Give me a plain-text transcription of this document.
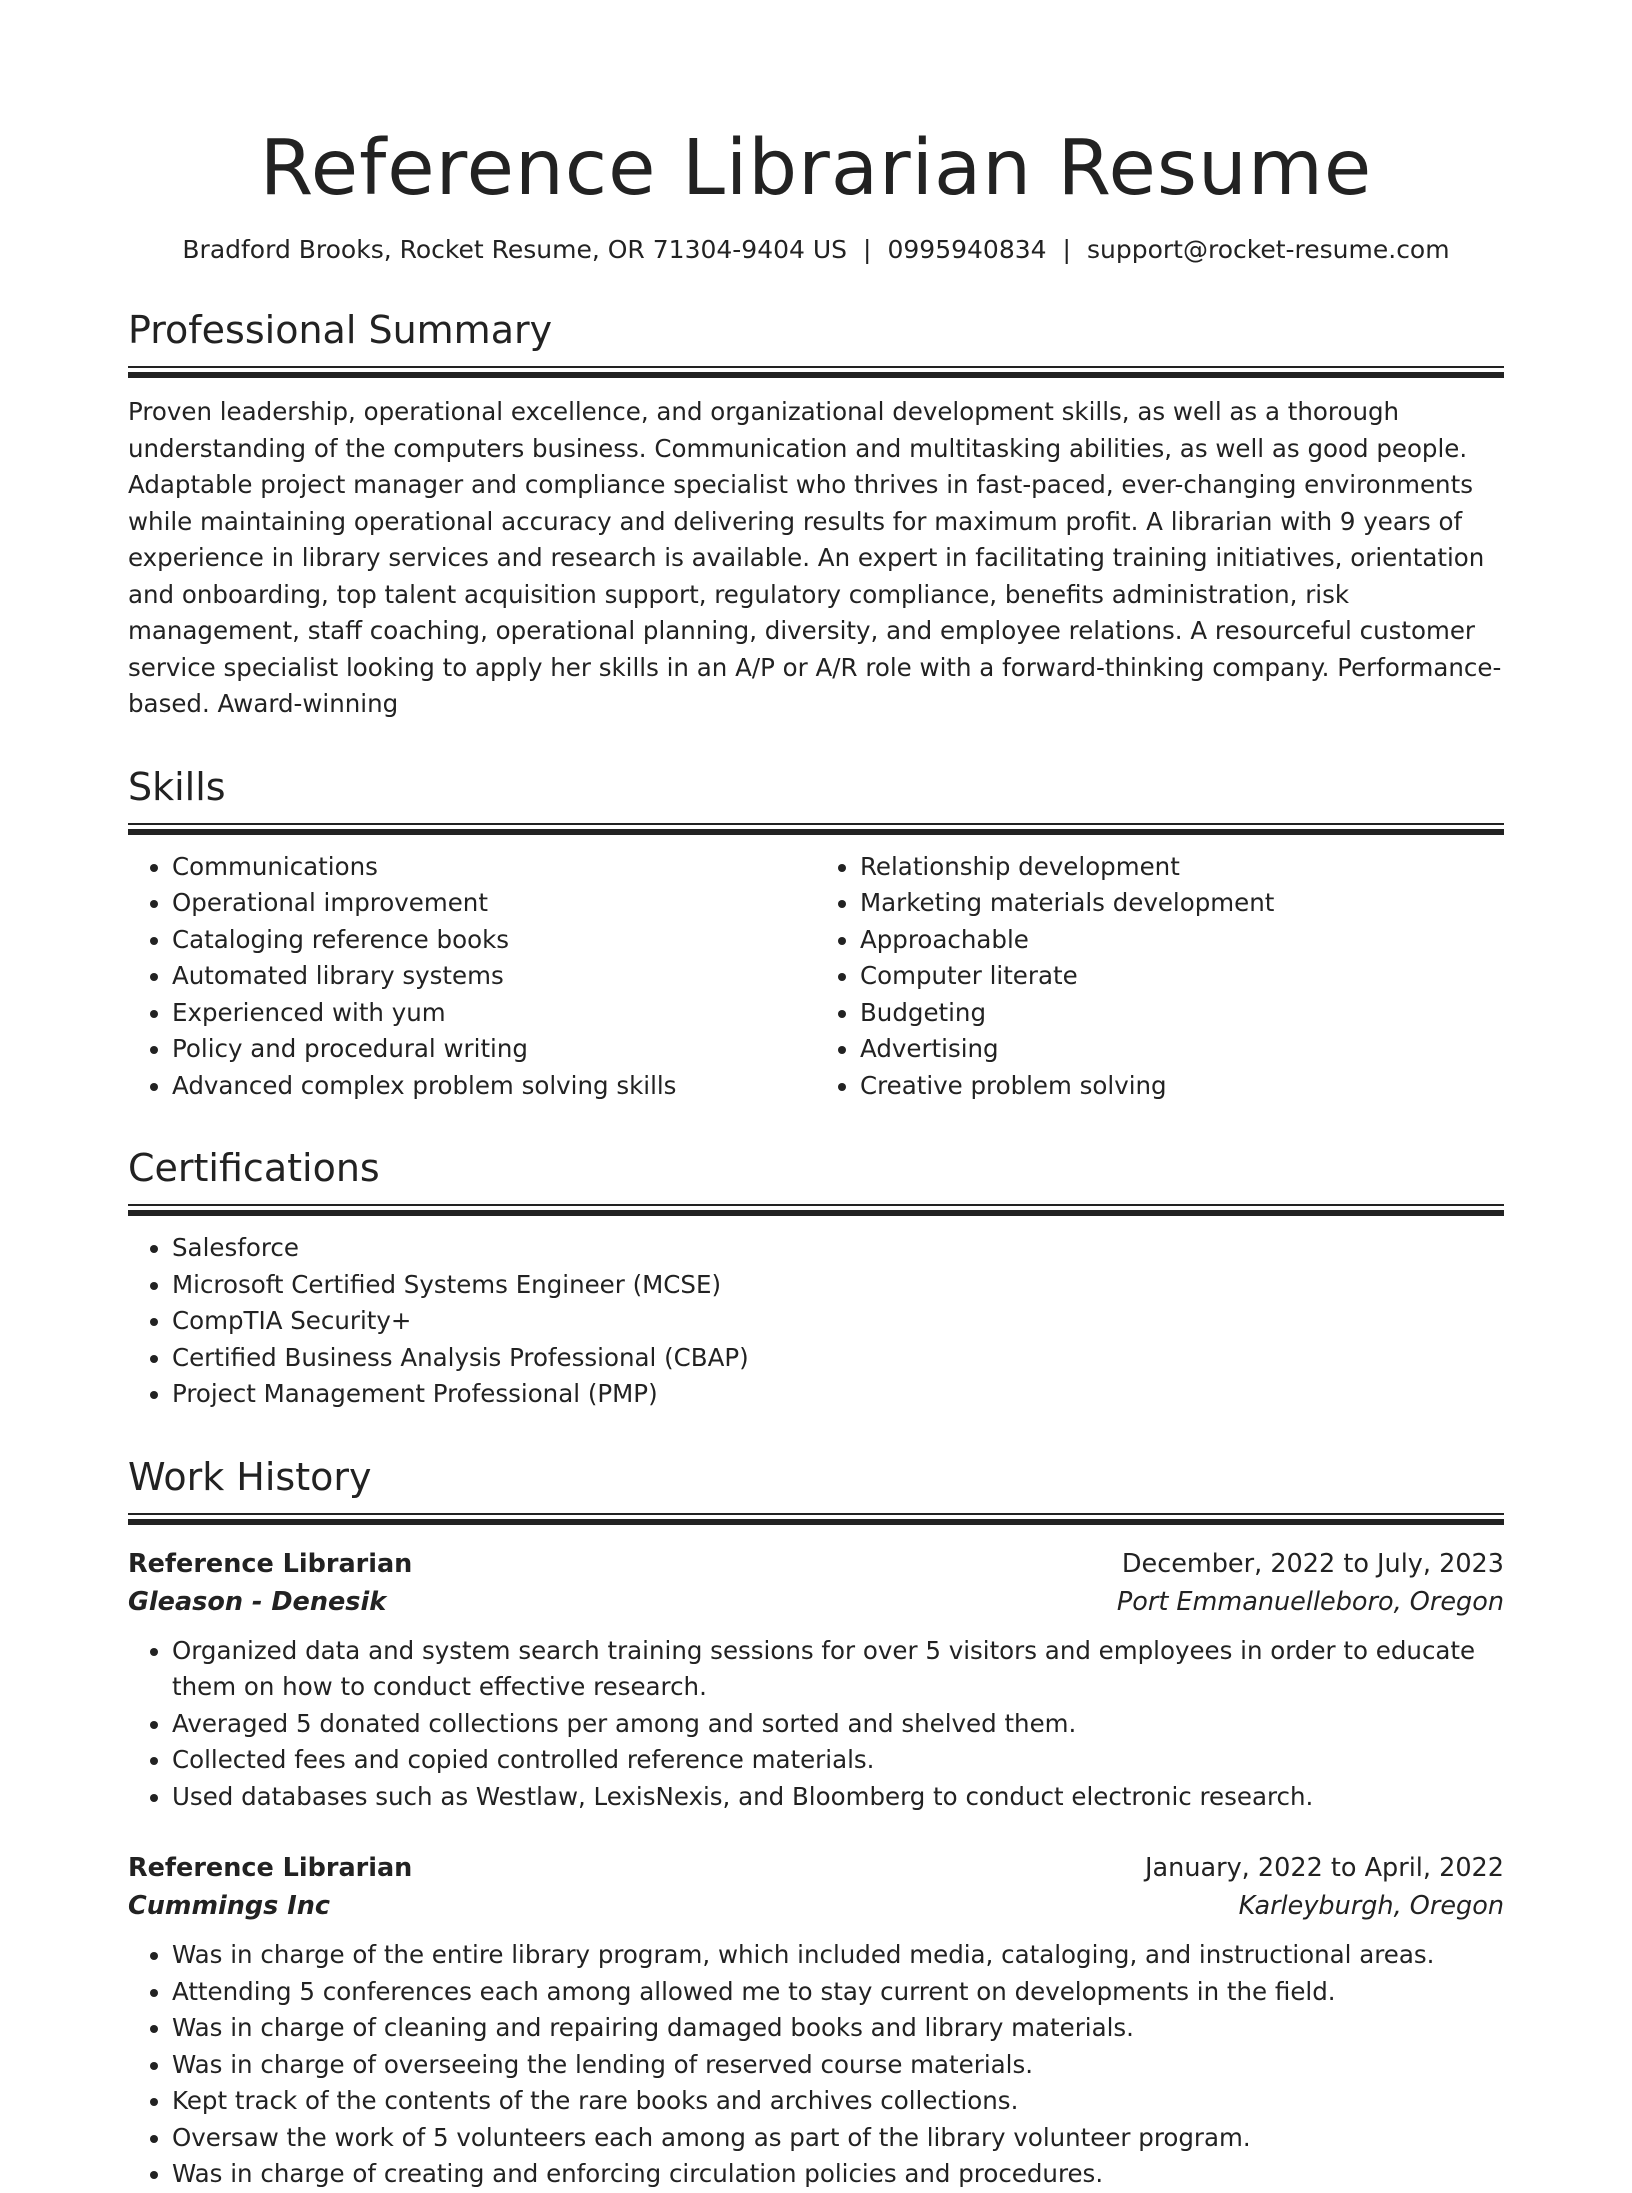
Reference Librarian Resume
Bradford Brooks, Rocket Resume, OR 71304-9404 US | 0995940834 | support@rocket-resume.com
Professional Summary

Proven leadership, operational excellence, and organizational development skills, as well as a thorough understanding of the computers business. Communication and multitasking abilities, as well as good people. Adaptable project manager and compliance specialist who thrives in fast-paced, ever-changing environments while maintaining operational accuracy and delivering results for maximum profit. A librarian with 9 years of experience in library services and research is available. An expert in facilitating training initiatives, orientation and onboarding, top talent acquisition support, regulatory compliance, benefits administration, risk management, staff coaching, operational planning, diversity, and employee relations. A resourceful customer service specialist looking to apply her skills in an A/P or A/R role with a forward-thinking company. Performance-based. Award-winning

Skills
• Communications
• Operational improvement
• Cataloging reference books
• Automated library systems
• Experienced with yum
• Policy and procedural writing
• Advanced complex problem solving skills
• Relationship development
• Marketing materials development
• Approachable
• Computer literate
• Budgeting
• Advertising
• Creative problem solving
Certifications
• Salesforce
• Microsoft Certified Systems Engineer (MCSE)
• CompTIA Security+
• Certified Business Analysis Professional (CBAP)
• Project Management Professional (PMP)
Work History
Reference Librarian	December, 2022 to July, 2023
Gleason - Denesik	Port Emmanuelleboro, Oregon
• Organized data and system search training sessions for over 5 visitors and employees in order to educate them on how to conduct effective research.
• Averaged 5 donated collections per among and sorted and shelved them.
• Collected fees and copied controlled reference materials.
• Used databases such as Westlaw, LexisNexis, and Bloomberg to conduct electronic research.
Reference Librarian	January, 2022 to April, 2022
Cummings Inc	Karleyburgh, Oregon
• Was in charge of the entire library program, which included media, cataloging, and instructional areas.
• Attending 5 conferences each among allowed me to stay current on developments in the field.
• Was in charge of cleaning and repairing damaged books and library materials.
• Was in charge of overseeing the lending of reserved course materials.
• Kept track of the contents of the rare books and archives collections.
• Oversaw the work of 5 volunteers each among as part of the library volunteer program.
• Was in charge of creating and enforcing circulation policies and procedures.
